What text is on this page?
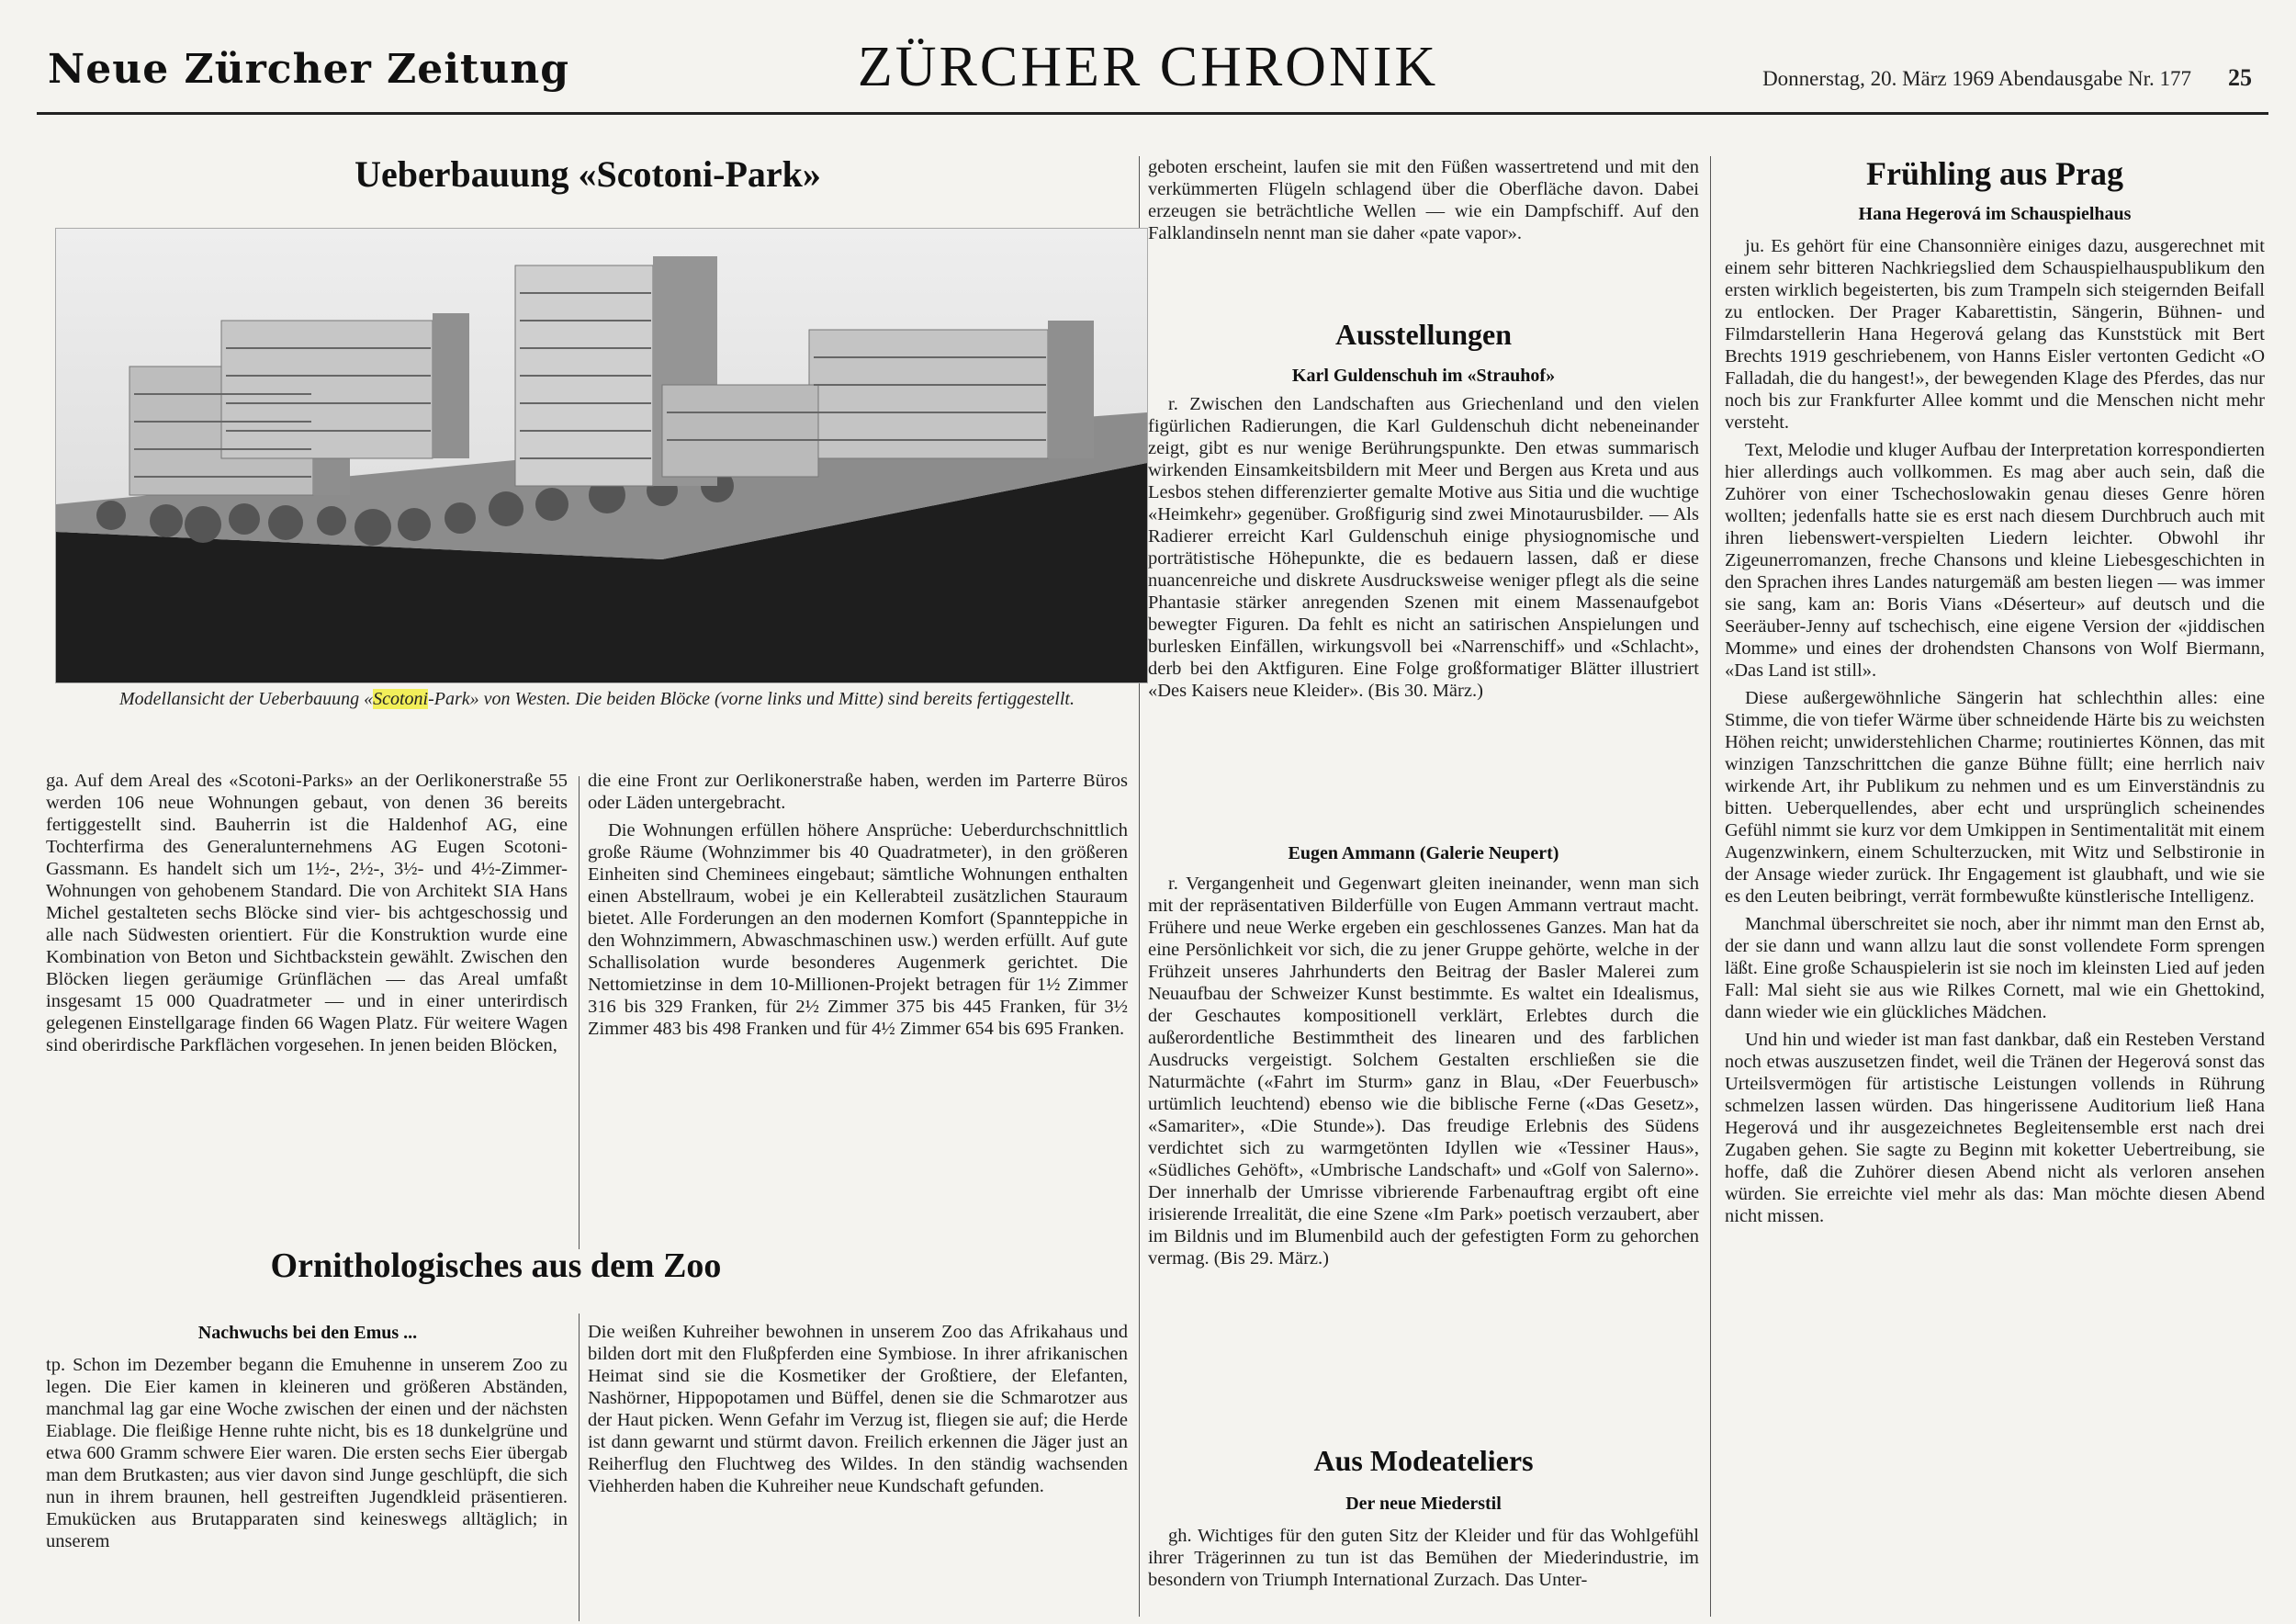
Neue Zürcher Zeitung	ZÜRCHER CHRONIK	Donnerstag, 20. März 1969 Abendausgabe Nr. 177 25
Ueberbauung «Scotoni-Park»
Modellansicht der Ueberbauung «Scotoni-Park» von Westen. Die beiden Blöcke (vorne links und Mitte) sind bereits fertiggestellt.

ga. Auf dem Areal des «Scotoni-Parks» an der Oerlikonerstraße 55 werden 106 neue Wohnungen gebaut, von denen 36 bereits fertiggestellt sind. Bauherrin ist die Haldenhof AG, eine Tochterfirma des Generalunternehmens AG Eugen Scotoni-Gassmann. Es handelt sich um 1½-, 2½-, 3½- und 4½-Zimmer-Wohnungen von gehobenem Standard. Die von Architekt SIA Hans Michel gestalteten sechs Blöcke sind vier- bis achtgeschossig und alle nach Südwesten orientiert. Für die Konstruktion wurde eine Kombination von Beton und Sichtbackstein gewählt. Zwischen den Blöcken liegen geräumige Grünflächen — das Areal umfaßt insgesamt 15 000 Quadratmeter — und in einer unterirdisch gelegenen Einstellgarage finden 66 Wagen Platz. Für weitere Wagen sind oberirdische Parkflächen vorgesehen. In jenen beiden Blöcken,

die eine Front zur Oerlikonerstraße haben, werden im Parterre Büros oder Läden untergebracht.

Die Wohnungen erfüllen höhere Ansprüche: Ueberdurchschnittlich große Räume (Wohnzimmer bis 40 Quadratmeter), in den größeren Einheiten sind Cheminees eingebaut; sämtliche Wohnungen enthalten einen Abstellraum, wobei je ein Kellerabteil zusätzlichen Stauraum bietet. Alle Forderungen an den modernen Komfort (Spannteppiche in den Wohnzimmern, Abwaschmaschinen usw.) werden erfüllt. Auf gute Schallisolation wurde besonderes Augenmerk gerichtet. Die Nettomietzinse in dem 10-Millionen-Projekt betragen für 1½ Zimmer 316 bis 329 Franken, für 2½ Zimmer 375 bis 445 Franken, für 3½ Zimmer 483 bis 498 Franken und für 4½ Zimmer 654 bis 695 Franken.

Ornithologisches aus dem Zoo
Nachwuchs bei den Emus ...

tp. Schon im Dezember begann die Emuhenne in unserem Zoo zu legen. Die Eier kamen in kleineren und größeren Abständen, manchmal lag gar eine Woche zwischen der einen und der nächsten Eiablage. Die fleißige Henne ruhte nicht, bis es 18 dunkelgrüne und etwa 600 Gramm schwere Eier waren. Die ersten sechs Eier übergab man dem Brutkasten; aus vier davon sind Junge geschlüpft, die sich nun in ihrem braunen, hell gestreiften Jugendkleid präsentieren. Emukücken aus Brutapparaten sind keineswegs alltäglich; in unserem

Die weißen Kuhreiher bewohnen in unserem Zoo das Afrikahaus und bilden dort mit den Flußpferden eine Symbiose. In ihrer afrikanischen Heimat sind sie die Kosmetiker der Großtiere, der Elefanten, Nashörner, Hippopotamen und Büffel, denen sie die Schmarotzer aus der Haut picken. Wenn Gefahr im Verzug ist, fliegen sie auf; die Herde ist dann gewarnt und stürmt davon. Freilich erkennen die Jäger just an Reiherflug den Fluchtweg des Wildes. In den ständig wachsenden Viehherden haben die Kuhreiher neue Kundschaft gefunden.

geboten erscheint, laufen sie mit den Füßen wassertretend und mit den verkümmerten Flügeln schlagend über die Oberfläche davon. Dabei erzeugen sie beträchtliche Wellen — wie ein Dampfschiff. Auf den Falklandinseln nennt man sie daher «pate vapor».

Ausstellungen
Karl Guldenschuh im «Strauhof»

r. Zwischen den Landschaften aus Griechenland und den vielen figürlichen Radierungen, die Karl Guldenschuh dicht nebeneinander zeigt, gibt es nur wenige Berührungspunkte. Den etwas summarisch wirkenden Einsamkeitsbildern mit Meer und Bergen aus Kreta und aus Lesbos stehen differenzierter gemalte Motive aus Sitia und die wuchtige «Heimkehr» gegenüber. Großfigurig sind zwei Minotaurusbilder. — Als Radierer erreicht Karl Guldenschuh einige physiognomische und porträtistische Höhepunkte, die es bedauern lassen, daß er diese nuancenreiche und diskrete Ausdrucksweise weniger pflegt als die seine Phantasie stärker anregenden Szenen mit einem Massenaufgebot bewegter Figuren. Da fehlt es nicht an satirischen Anspielungen und burlesken Einfällen, wirkungsvoll bei «Narrenschiff» und «Schlacht», derb bei den Aktfiguren. Eine Folge großformatiger Blätter illustriert «Des Kaisers neue Kleider». (Bis 30. März.)

Eugen Ammann (Galerie Neupert)

r. Vergangenheit und Gegenwart gleiten ineinander, wenn man sich mit der repräsentativen Bilderfülle von Eugen Ammann vertraut macht. Frühere und neue Werke ergeben ein geschlossenes Ganzes. Man hat da eine Persönlichkeit vor sich, die zu jener Gruppe gehörte, welche in der Frühzeit unseres Jahrhunderts den Beitrag der Basler Malerei zum Neuaufbau der Schweizer Kunst bestimmte. Es waltet ein Idealismus, der Geschautes kompositionell verklärt, Erlebtes durch die außerordentliche Bestimmtheit des linearen und des farblichen Ausdrucks vergeistigt. Solchem Gestalten erschließen sie die Naturmächte («Fahrt im Sturm» ganz in Blau, «Der Feuerbusch» urtümlich leuchtend) ebenso wie die biblische Ferne («Das Gesetz», «Samariter», «Die Stunde»). Das freudige Erlebnis des Südens verdichtet sich zu warmgetönten Idyllen wie «Tessiner Haus», «Südliches Gehöft», «Umbrische Landschaft» und «Golf von Salerno». Der innerhalb der Umrisse vibrierende Farbenauftrag ergibt oft eine irisierende Irrealität, die eine Szene «Im Park» poetisch verzaubert, aber im Bildnis und im Blumenbild auch der gefestigten Form zu gehorchen vermag. (Bis 29. März.)

Aus Modeateliers
Der neue Miederstil

gh. Wichtiges für den guten Sitz der Kleider und für das Wohlgefühl ihrer Trägerinnen zu tun ist das Bemühen der Miederindustrie, im besondern von Triumph International Zurzach. Das Unter-

Frühling aus Prag
Hana Hegerová im Schauspielhaus

ju. Es gehört für eine Chansonnière einiges dazu, ausgerechnet mit einem sehr bitteren Nachkriegslied dem Schauspielhauspublikum den ersten wirklich begeisterten, bis zum Trampeln sich steigernden Beifall zu entlocken. Der Prager Kabarettistin, Sängerin, Bühnen- und Filmdarstellerin Hana Hegerová gelang das Kunststück mit Bert Brechts 1919 geschriebenem, von Hanns Eisler vertonten Gedicht «O Falladah, die du hangest!», der bewegenden Klage des Pferdes, das nur noch bis zur Frankfurter Allee kommt und die Menschen nicht mehr versteht.

Text, Melodie und kluger Aufbau der Interpretation korrespondierten hier allerdings auch vollkommen. Es mag aber auch sein, daß die Zuhörer von einer Tschechoslowakin genau dieses Genre hören wollten; jedenfalls hatte sie es erst nach diesem Durchbruch auch mit ihren liebenswert-verspielten Liedern leichter. Obwohl ihr Zigeunerromanzen, freche Chansons und kleine Liebesgeschichten in den Sprachen ihres Landes naturgemäß am besten liegen — was immer sie sang, kam an: Boris Vians «Déserteur» auf deutsch und die Seeräuber-Jenny auf tschechisch, eine eigene Version der «jiddischen Momme» und eines der drohendsten Chansons von Wolf Biermann, «Das Land ist still».

Diese außergewöhnliche Sängerin hat schlechthin alles: eine Stimme, die von tiefer Wärme über schneidende Härte bis zu weichsten Höhen reicht; unwiderstehlichen Charme; routiniertes Können, das mit winzigen Tanzschrittchen die ganze Bühne füllt; eine herrlich naiv wirkende Art, ihr Publikum zu nehmen und es um Einverständnis zu bitten. Ueberquellendes, aber echt und ursprünglich scheinendes Gefühl nimmt sie kurz vor dem Umkippen in Sentimentalität mit einem Augenzwinkern, einem Schulterzucken, mit Witz und Selbstironie in der Ansage wieder zurück. Ihr Engagement ist glaubhaft, und wie sie es den Leuten beibringt, verrät formbewußte künstlerische Intelligenz.

Manchmal überschreitet sie noch, aber ihr nimmt man den Ernst ab, der sie dann und wann allzu laut die sonst vollendete Form sprengen läßt. Eine große Schauspielerin ist sie noch im kleinsten Lied auf jeden Fall: Mal sieht sie aus wie Rilkes Cornett, mal wie ein Ghettokind, dann wieder wie ein glückliches Mädchen.

Und hin und wieder ist man fast dankbar, daß ein Resteben Verstand noch etwas auszusetzen findet, weil die Tränen der Hegerová sonst das Urteilsvermögen für artistische Leistungen vollends in Rührung schmelzen lassen würden. Das hingerissene Auditorium ließ Hana Hegerová und ihr ausgezeichnetes Begleitensemble erst nach drei Zugaben gehen. Sie sagte zu Beginn mit koketter Uebertreibung, sie hoffe, daß die Zuhörer diesen Abend nicht als verloren ansehen würden. Sie erreichte viel mehr als das: Man möchte diesen Abend nicht missen.
